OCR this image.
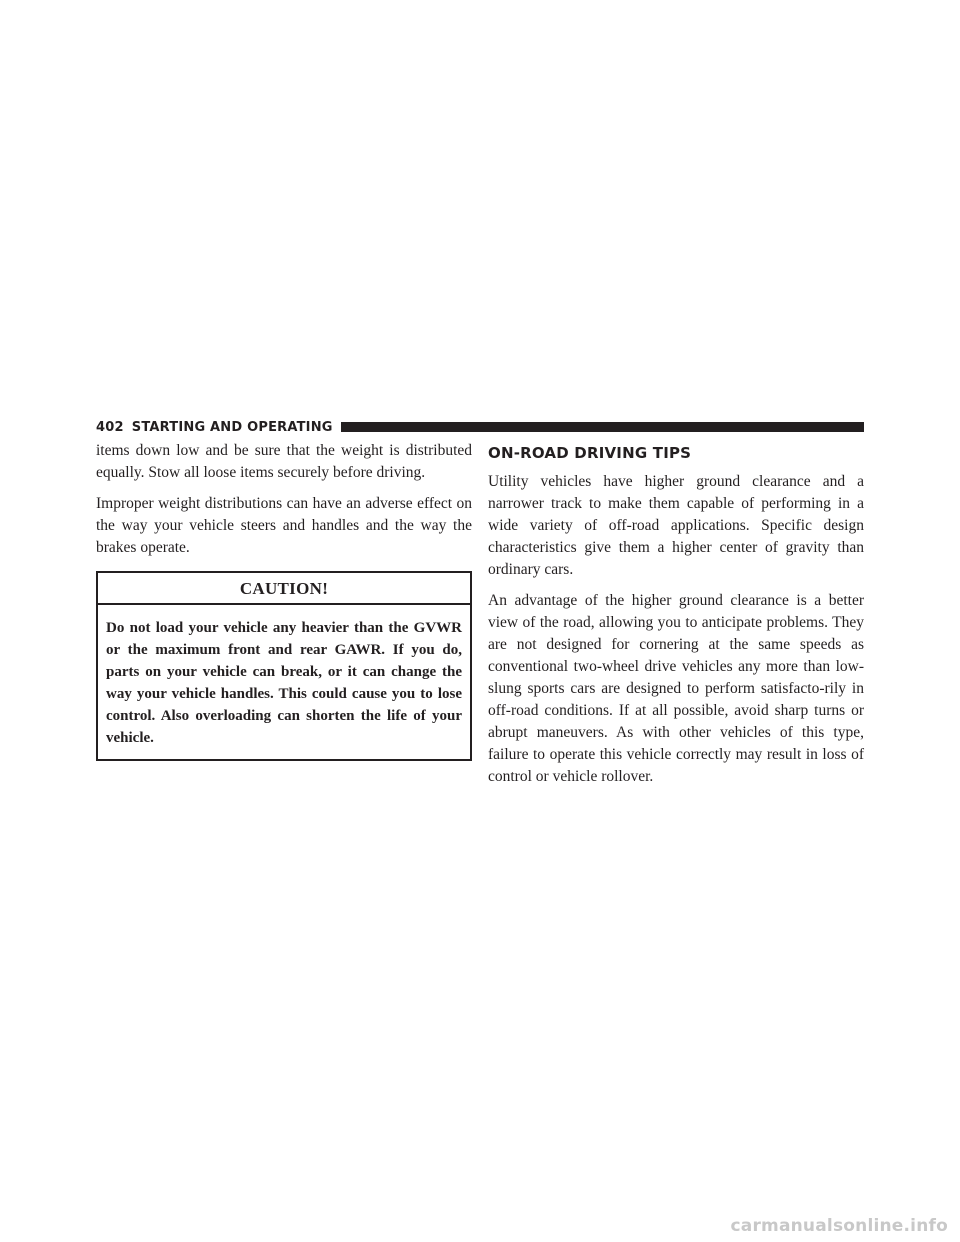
402 STARTING AND OPERATING

items down low and be sure that the weight is distributed equally. Stow all loose items securely before driving.

Improper weight distributions can have an adverse effect on the way your vehicle steers and handles and the way the brakes operate.

CAUTION!
Do not load your vehicle any heavier than the GVWR or the maximum front and rear GAWR. If you do, parts on your vehicle can break, or it can change the way your vehicle handles. This could cause you to lose control. Also overloading can shorten the life of your vehicle.
ON-ROAD DRIVING TIPS

Utility vehicles have higher ground clearance and a narrower track to make them capable of performing in a wide variety of off-road applications. Specific design characteristics give them a higher center of gravity than ordinary cars.

An advantage of the higher ground clearance is a better view of the road, allowing you to anticipate problems. They are not designed for cornering at the same speeds as conventional two-wheel drive vehicles any more than low-slung sports cars are designed to perform satisfacto-rily in off-road conditions. If at all possible, avoid sharp turns or abrupt maneuvers. As with other vehicles of this type, failure to operate this vehicle correctly may result in loss of control or vehicle rollover.

carmanualsonline.info
